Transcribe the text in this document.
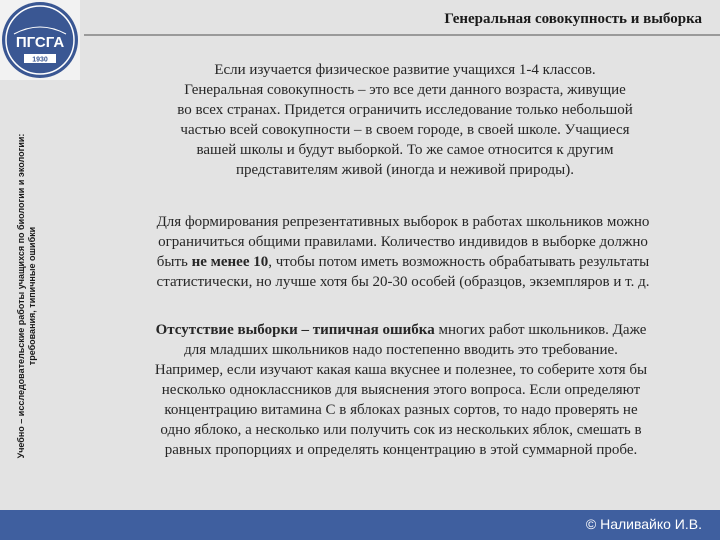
ПГСГА
1930
Генеральная совокупность и выборка
Учебно – исследовательские работы учащихся по биологии и экологии: требования, типичные ошибки
Если изучается физическое развитие учащихся 1-4 классов.
Генеральная совокупность – это все дети данного возраста, живущие
во всех странах. Придется ограничить исследование только небольшой
частью всей совокупности – в своем городе, в своей школе. Учащиеся
вашей школы и будут выборкой. То же самое относится к другим
представителям живой (иногда и неживой природы).
Для формирования репрезентативных выборок в работах школьников можно
ограничиться общими правилами. Количество индивидов в выборке должно
быть не менее 10, чтобы потом иметь возможность обрабатывать результаты
статистически, но лучше хотя бы 20-30 особей (образцов, экземпляров и т. д.
Отсутствие выборки – типичная ошибка многих работ школьников. Даже
для младших школьников надо постепенно вводить это требование.
Например, если изучают какая каша вкуснее и полезнее, то соберите хотя бы
несколько одноклассников для выяснения этого вопроса. Если определяют
концентрацию витамина С в яблоках разных сортов, то надо проверять не
одно яблоко, а несколько или получить сок из нескольких яблок, смешать в
равных пропорциях и определять концентрацию в этой суммарной пробе.
© Наливайко И.В.
